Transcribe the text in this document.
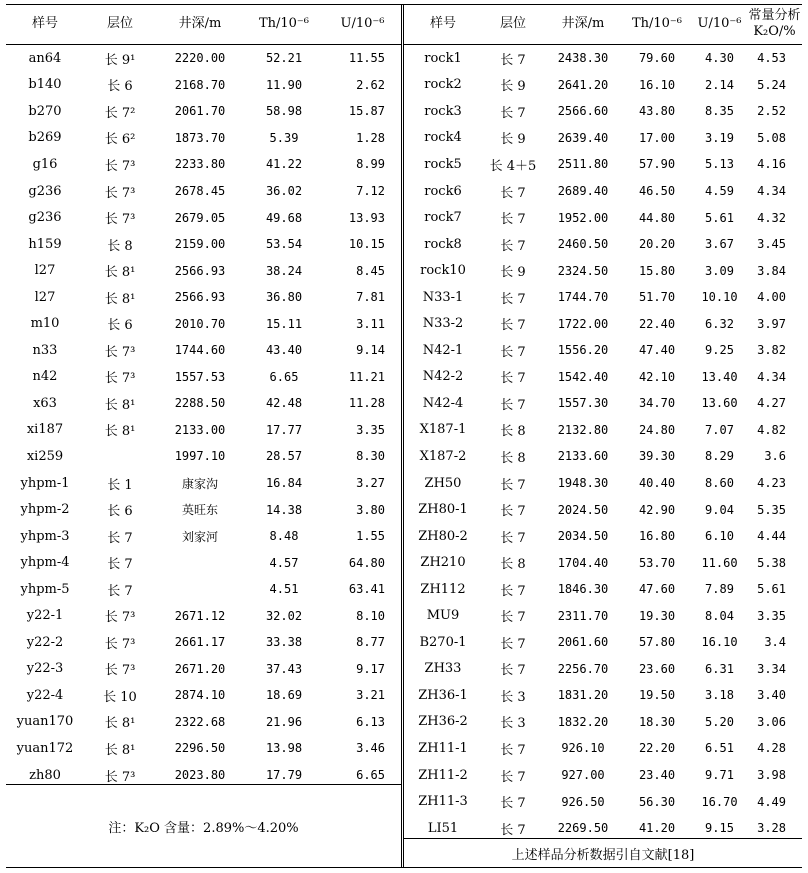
样号	层位	井深/m	Th/10⁻⁶	U/10⁻⁶
an64	长 9¹	2220.00	52.21	11.55
b140	长 6	2168.70	11.90	2.62
b270	长 7²	2061.70	58.98	15.87
b269	长 6²	1873.70	5.39	1.28
g16	长 7³	2233.80	41.22	8.99
g236	长 7³	2678.45	36.02	7.12
g236	长 7³	2679.05	49.68	13.93
h159	长 8	2159.00	53.54	10.15
l27	长 8¹	2566.93	38.24	8.45
l27	长 8¹	2566.93	36.80	7.81
m10	长 6	2010.70	15.11	3.11
n33	长 7³	1744.60	43.40	9.14
n42	长 7³	1557.53	6.65	11.21
x63	长 8¹	2288.50	42.48	11.28
xi187	长 8¹	2133.00	17.77	3.35
xi259		1997.10	28.57	8.30
yhpm-1	长 1	康家沟	16.84	3.27
yhpm-2	长 6	英旺东	14.38	3.80
yhpm-3	长 7	刘家河	8.48	1.55
yhpm-4	长 7		4.57	64.80
yhpm-5	长 7		4.51	63.41
y22-1	长 7³	2671.12	32.02	8.10
y22-2	长 7³	2661.17	33.38	8.77
y22-3	长 7³	2671.20	37.43	9.17
y22-4	长 10	2874.10	18.69	3.21
yuan170	长 8¹	2322.68	21.96	6.13
yuan172	长 8¹	2296.50	13.98	3.46
zh80	长 7³	2023.80	17.79	6.65
样号	层位	井深/m	Th/10⁻⁶	U/10⁻⁶	常量分析
K₂O/%

rock1	长 7	2438.30	79.60	4.30	4.53
rock2	长 9	2641.20	16.10	2.14	5.24
rock3	长 7	2566.60	43.80	8.35	2.52
rock4	长 9	2639.40	17.00	3.19	5.08
rock5	长 4＋5	2511.80	57.90	5.13	4.16
rock6	长 7	2689.40	46.50	4.59	4.34
rock7	长 7	1952.00	44.80	5.61	4.32
rock8	长 7	2460.50	20.20	3.67	3.45
rock10	长 9	2324.50	15.80	3.09	3.84
N33-1	长 7	1744.70	51.70	10.10	4.00
N33-2	长 7	1722.00	22.40	6.32	3.97
N42-1	长 7	1556.20	47.40	9.25	3.82
N42-2	长 7	1542.40	42.10	13.40	4.34
N42-4	长 7	1557.30	34.70	13.60	4.27
X187-1	长 8	2132.80	24.80	7.07	4.82
X187-2	长 8	2133.60	39.30	8.29	3.6
ZH50	长 7	1948.30	40.40	8.60	4.23
ZH80-1	长 7	2024.50	42.90	9.04	5.35
ZH80-2	长 7	2034.50	16.80	6.10	4.44
ZH210	长 8	1704.40	53.70	11.60	5.38
ZH112	长 7	1846.30	47.60	7.89	5.61
MU9	长 7	2311.70	19.30	8.04	3.35
B270-1	长 7	2061.60	57.80	16.10	3.4
ZH33	长 7	2256.70	23.60	6.31	3.34
ZH36-1	长 3	1831.20	19.50	3.18	3.40
ZH36-2	长 3	1832.20	18.30	5.20	3.06
ZH11-1	长 7	926.10	22.20	6.51	4.28
ZH11-2	长 7	927.00	23.40	9.71	3.98
ZH11-3	长 7	926.50	56.30	16.70	4.49
LI51	长 7	2269.50	41.20	9.15	3.28
注：K₂O 含量：2.89%～4.20%
上述样品分析数据引自文献[18]
